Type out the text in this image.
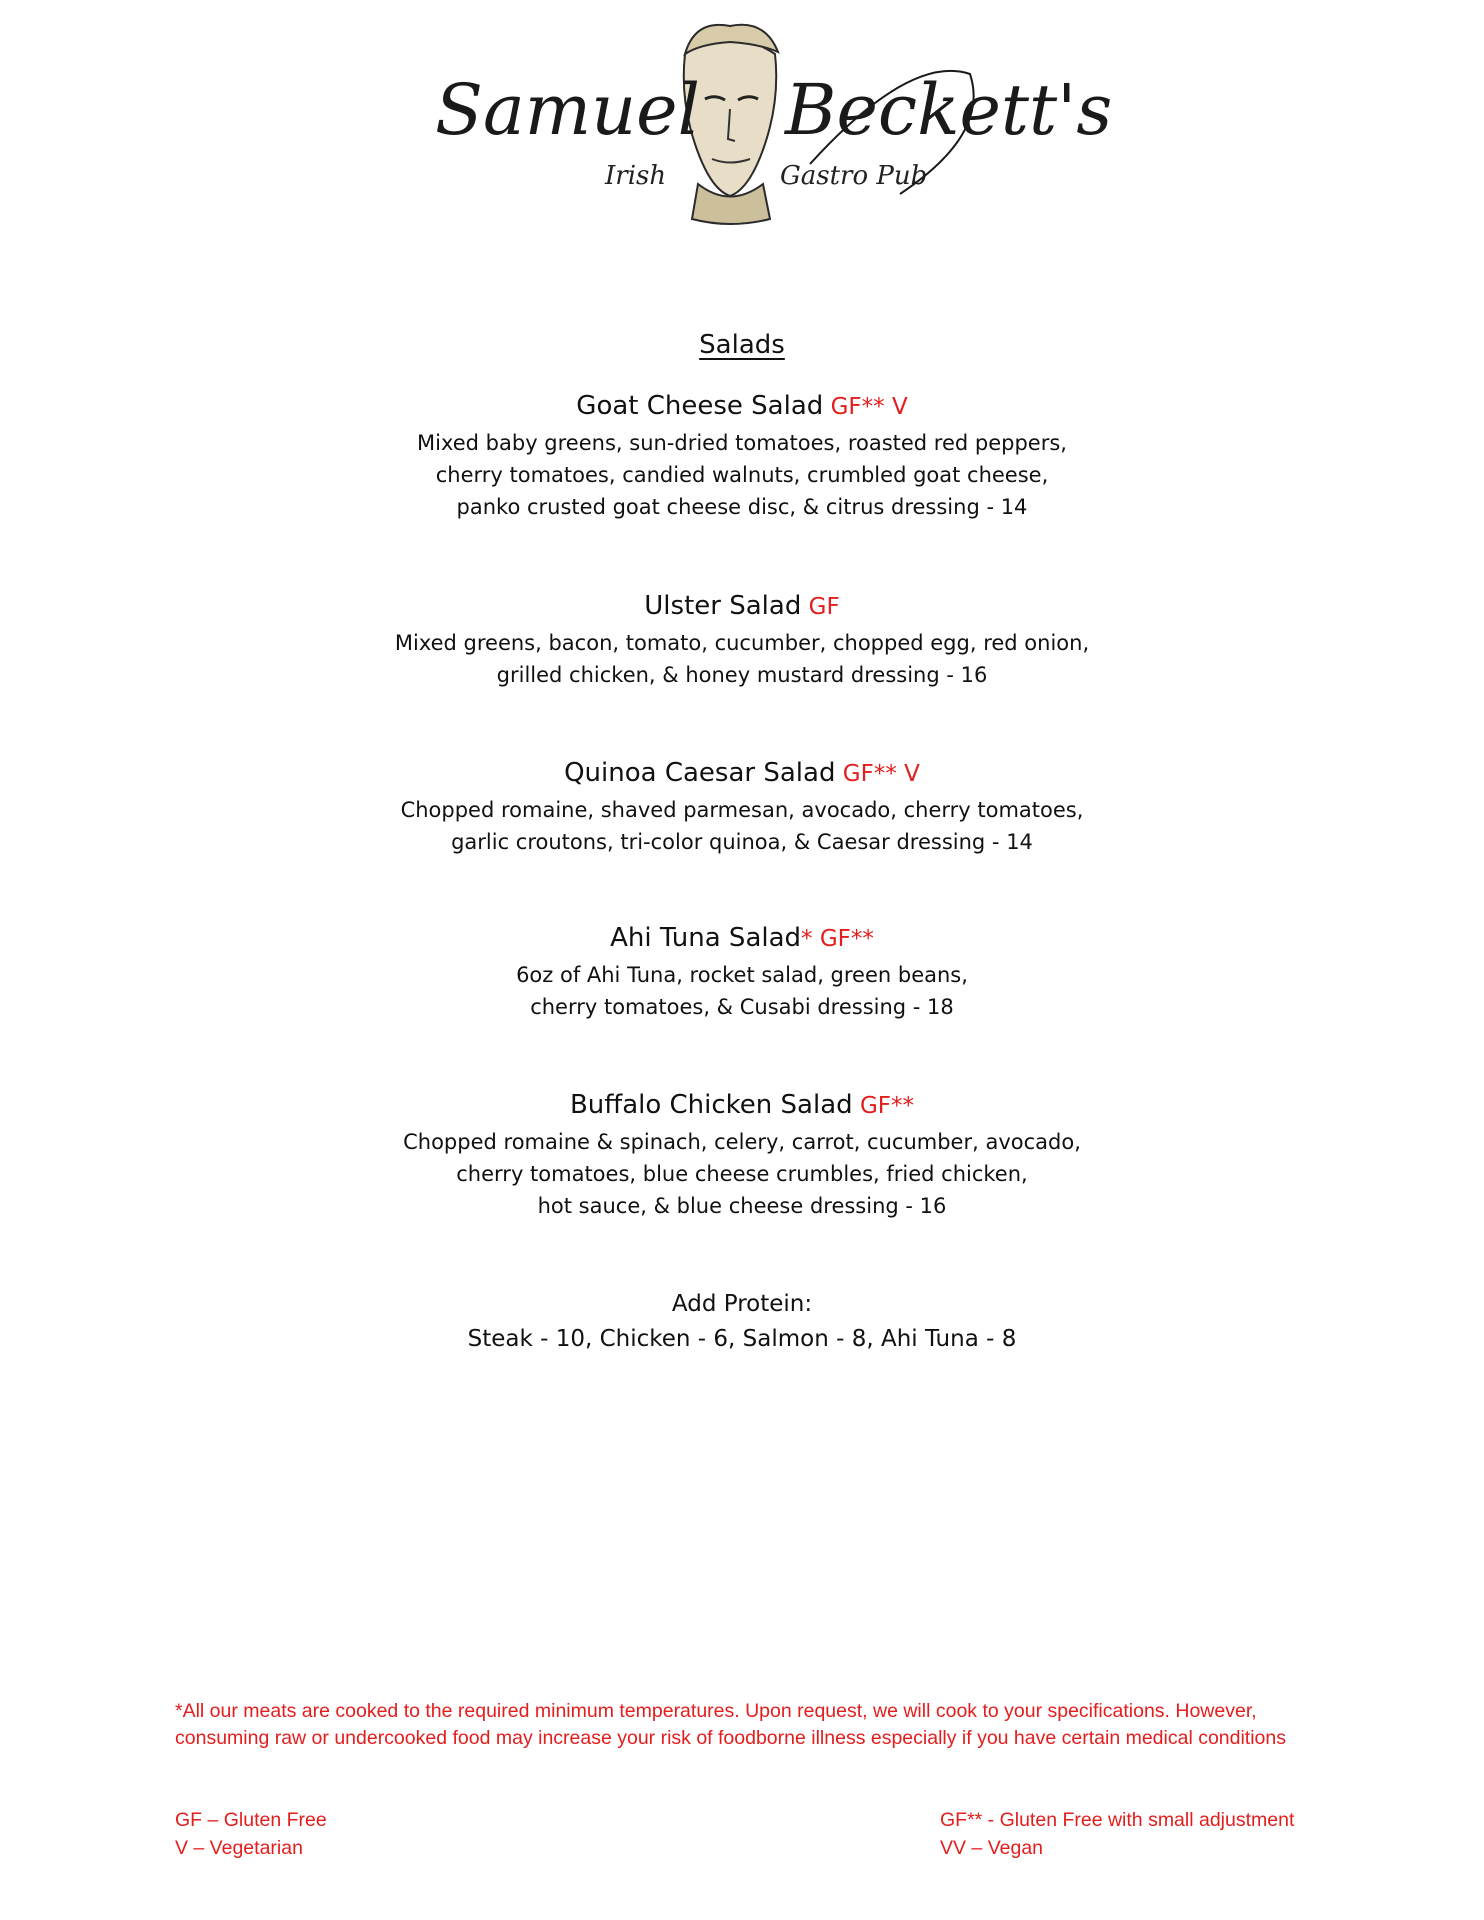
Samuel Beckett's
Irish	Gastro Pub
Salads
Goat Cheese Salad GF** V
Mixed baby greens, sun-dried tomatoes, roasted red peppers,
cherry tomatoes, candied walnuts, crumbled goat cheese,
panko crusted goat cheese disc, & citrus dressing - 14
Ulster Salad GF
Mixed greens, bacon, tomato, cucumber, chopped egg, red onion,
grilled chicken, & honey mustard dressing - 16
Quinoa Caesar Salad GF** V
Chopped romaine, shaved parmesan, avocado, cherry tomatoes,
garlic croutons, tri-color quinoa, & Caesar dressing - 14
Ahi Tuna Salad* GF**
6oz of Ahi Tuna, rocket salad, green beans,
cherry tomatoes, & Cusabi dressing - 18
Buffalo Chicken Salad GF**
Chopped romaine & spinach, celery, carrot, cucumber, avocado,
cherry tomatoes, blue cheese crumbles, fried chicken,
hot sauce, & blue cheese dressing - 16
Add Protein:
Steak - 10, Chicken - 6, Salmon - 8, Ahi Tuna - 8
*All our meats are cooked to the required minimum temperatures. Upon request, we will cook to your specifications. However, consuming raw or undercooked food may increase your risk of foodborne illness especially if you have certain medical conditions
GF – Gluten Free
V – Vegetarian
GF** - Gluten Free with small adjustment
VV – Vegan
